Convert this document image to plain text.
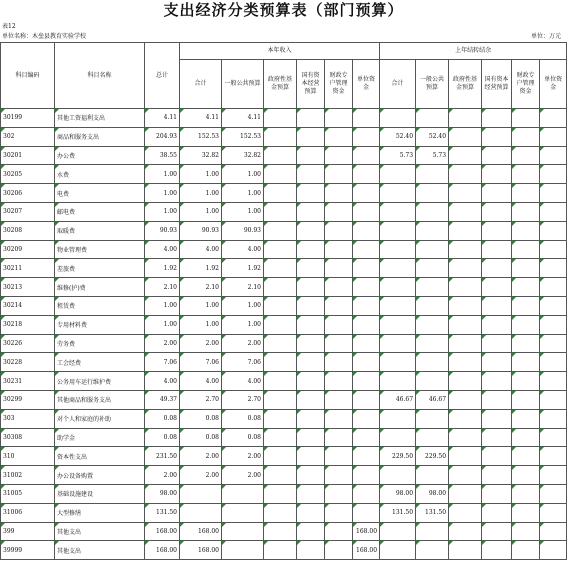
支出经济分类预算表（部门预算）
表12
单位名称：木垒县教育实验学校	单位：万元
科目编码	科目名称	总计	本年收入						上年结转结余					
			合计	一般公共预算	政府性基金预算	国有资本经营预算	财政专户管理资金	单位资金	合计	一般公共预算	政府性基金预算	国有资本经营预算	财政专户管理资金	单位资金

30199	其他工资福利支出	4.11	4.11	4.11	

302	商品和服务支出	204.93	152.53	152.53					52.40	52.40	

30201	办公费	38.55	32.82	32.82					5.73	5.73	

30205	水费	1.00	1.00	1.00	

30206	电费	1.00	1.00	1.00	

30207	邮电费	1.00	1.00	1.00	

30208	取暖费	90.93	90.93	90.93	

30209	物业管理费	4.00	4.00	4.00	

30211	差旅费	1.92	1.92	1.92	

30213	维修(护)费	2.10	2.10	2.10	

30214	租赁费	1.00	1.00	1.00	

30218	专用材料费	1.00	1.00	1.00	

30226	劳务费	2.00	2.00	2.00	

30228	工会经费	7.06	7.06	7.06	

30231	公务用车运行维护费	4.00	4.00	4.00	

30299	其他商品和服务支出	49.37	2.70	2.70					46.67	46.67	

303	对个人和家庭的补助	0.08	0.08	0.08	

30308	助学金	0.08	0.08	0.08	

310	资本性支出	231.50	2.00	2.00					229.50	229.50	

31002	办公设备购置	2.00	2.00	2.00	

31005	基础设施建设	98.00							98.00	98.00	

31006	大型修缮	131.50							131.50	131.50	

399	其他支出	168.00	168.00					168.00	

39999	其他支出	168.00	168.00					168.00	
